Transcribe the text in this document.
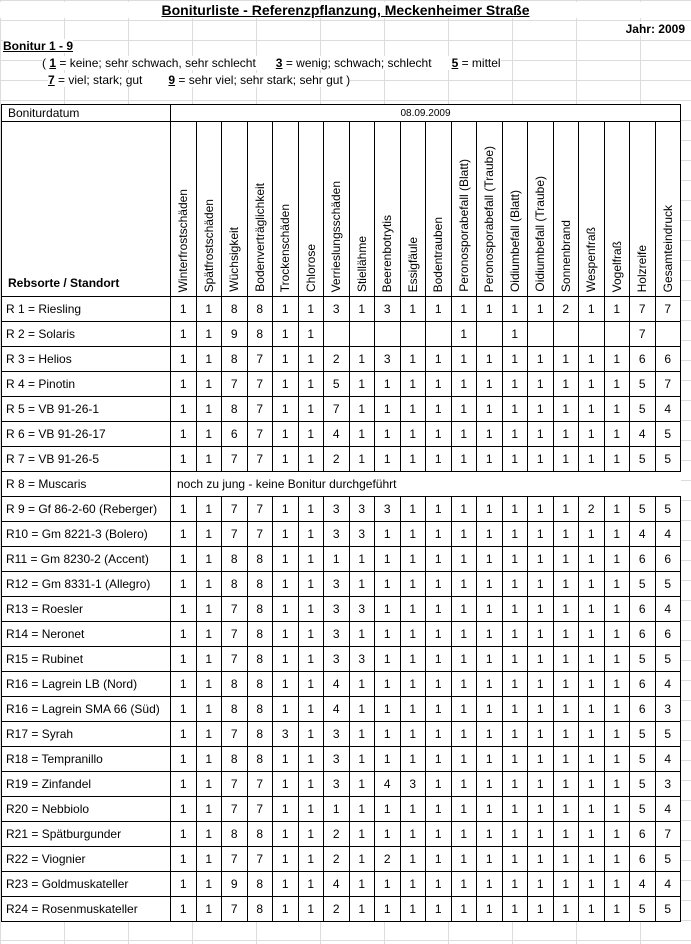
Boniturliste - Referenzpflanzung, Meckenheimer Straße
Jahr: 2009
Bonitur 1 - 9
( 1 = keine; sehr schwach, sehr schlecht 3 = wenig; schwach; schlecht 5 = mittel
7 = viel; stark; gut 9 = sehr viel; sehr stark; sehr gut )
Boniturdatum	08.09.2009																			
Rebsorte / Standort	Winterfrostschäden	Spätfrostschäden	Wüchsigkeit	Bodenverträglichkeit	Trockenschäden	Chlorose	Verrieslungsschäden	Stiellähme	Beerenbotrytis	Essigfäule	Bodentrauben	Peronosporabefall (Blatt)	Peronosporabefall (Traube)	Oidiumbefall (Blatt)	Oidiumbefall (Traube)	Sonnenbrand	Wespenfraß	Vogelfraß	Holzreife	Gesamteindruck

R 1 = Riesling	1	1	8	8	1	1	3	1	3	1	1	1	1	1	1	2	1	1	7	7
R 2 = Solaris	1	1	9	8	1	1						1		1					7	
R 3 = Helios	1	1	8	7	1	1	2	1	3	1	1	1	1	1	1	1	1	1	6	6
R 4 = Pinotin	1	1	7	7	1	1	5	1	1	1	1	1	1	1	1	1	1	1	5	7
R 5 = VB 91-26-1	1	1	8	7	1	1	7	1	1	1	1	1	1	1	1	1	1	1	5	4
R 6 = VB 91-26-17	1	1	6	7	1	1	4	1	1	1	1	1	1	1	1	1	1	1	4	5
R 7 = VB 91-26-5	1	1	7	7	1	1	2	1	1	1	1	1	1	1	1	1	1	1	5	5
R 8 = Muscaris	noch zu jung - keine Bonitur durchgeführt																			
R 9 = Gf 86-2-60 (Reberger)	1	1	7	7	1	1	3	3	3	1	1	1	1	1	1	1	2	1	5	5
R10 = Gm 8221-3 (Bolero)	1	1	7	7	1	1	3	3	1	1	1	1	1	1	1	1	1	1	4	4
R11 = Gm 8230-2 (Accent)	1	1	8	8	1	1	1	1	1	1	1	1	1	1	1	1	1	1	6	6
R12 = Gm 8331-1 (Allegro)	1	1	8	8	1	1	3	1	1	1	1	1	1	1	1	1	1	1	5	5
R13 = Roesler	1	1	7	8	1	1	3	3	1	1	1	1	1	1	1	1	1	1	6	4
R14 = Neronet	1	1	7	8	1	1	3	1	1	1	1	1	1	1	1	1	1	1	6	6
R15 = Rubinet	1	1	7	8	1	1	3	3	1	1	1	1	1	1	1	1	1	1	5	5
R16 = Lagrein LB (Nord)	1	1	8	8	1	1	4	1	1	1	1	1	1	1	1	1	1	1	6	4
R16 = Lagrein SMA 66 (Süd)	1	1	8	8	1	1	4	1	1	1	1	1	1	1	1	1	1	1	6	3
R17 = Syrah	1	1	7	8	3	1	3	1	1	1	1	1	1	1	1	1	1	1	5	5
R18 = Tempranillo	1	1	8	8	1	1	3	1	1	1	1	1	1	1	1	1	1	1	5	4
R19 = Zinfandel	1	1	7	7	1	1	3	1	4	3	1	1	1	1	1	1	1	1	5	3
R20 = Nebbiolo	1	1	7	7	1	1	1	1	1	1	1	1	1	1	1	1	1	1	5	4
R21 = Spätburgunder	1	1	8	8	1	1	2	1	1	1	1	1	1	1	1	1	1	1	6	7
R22 = Viognier	1	1	7	7	1	1	2	1	2	1	1	1	1	1	1	1	1	1	6	5
R23 = Goldmuskateller	1	1	9	8	1	1	4	1	1	1	1	1	1	1	1	1	1	1	4	4
R24 = Rosenmuskateller	1	1	7	8	1	1	2	1	1	1	1	1	1	1	1	1	1	1	5	5
